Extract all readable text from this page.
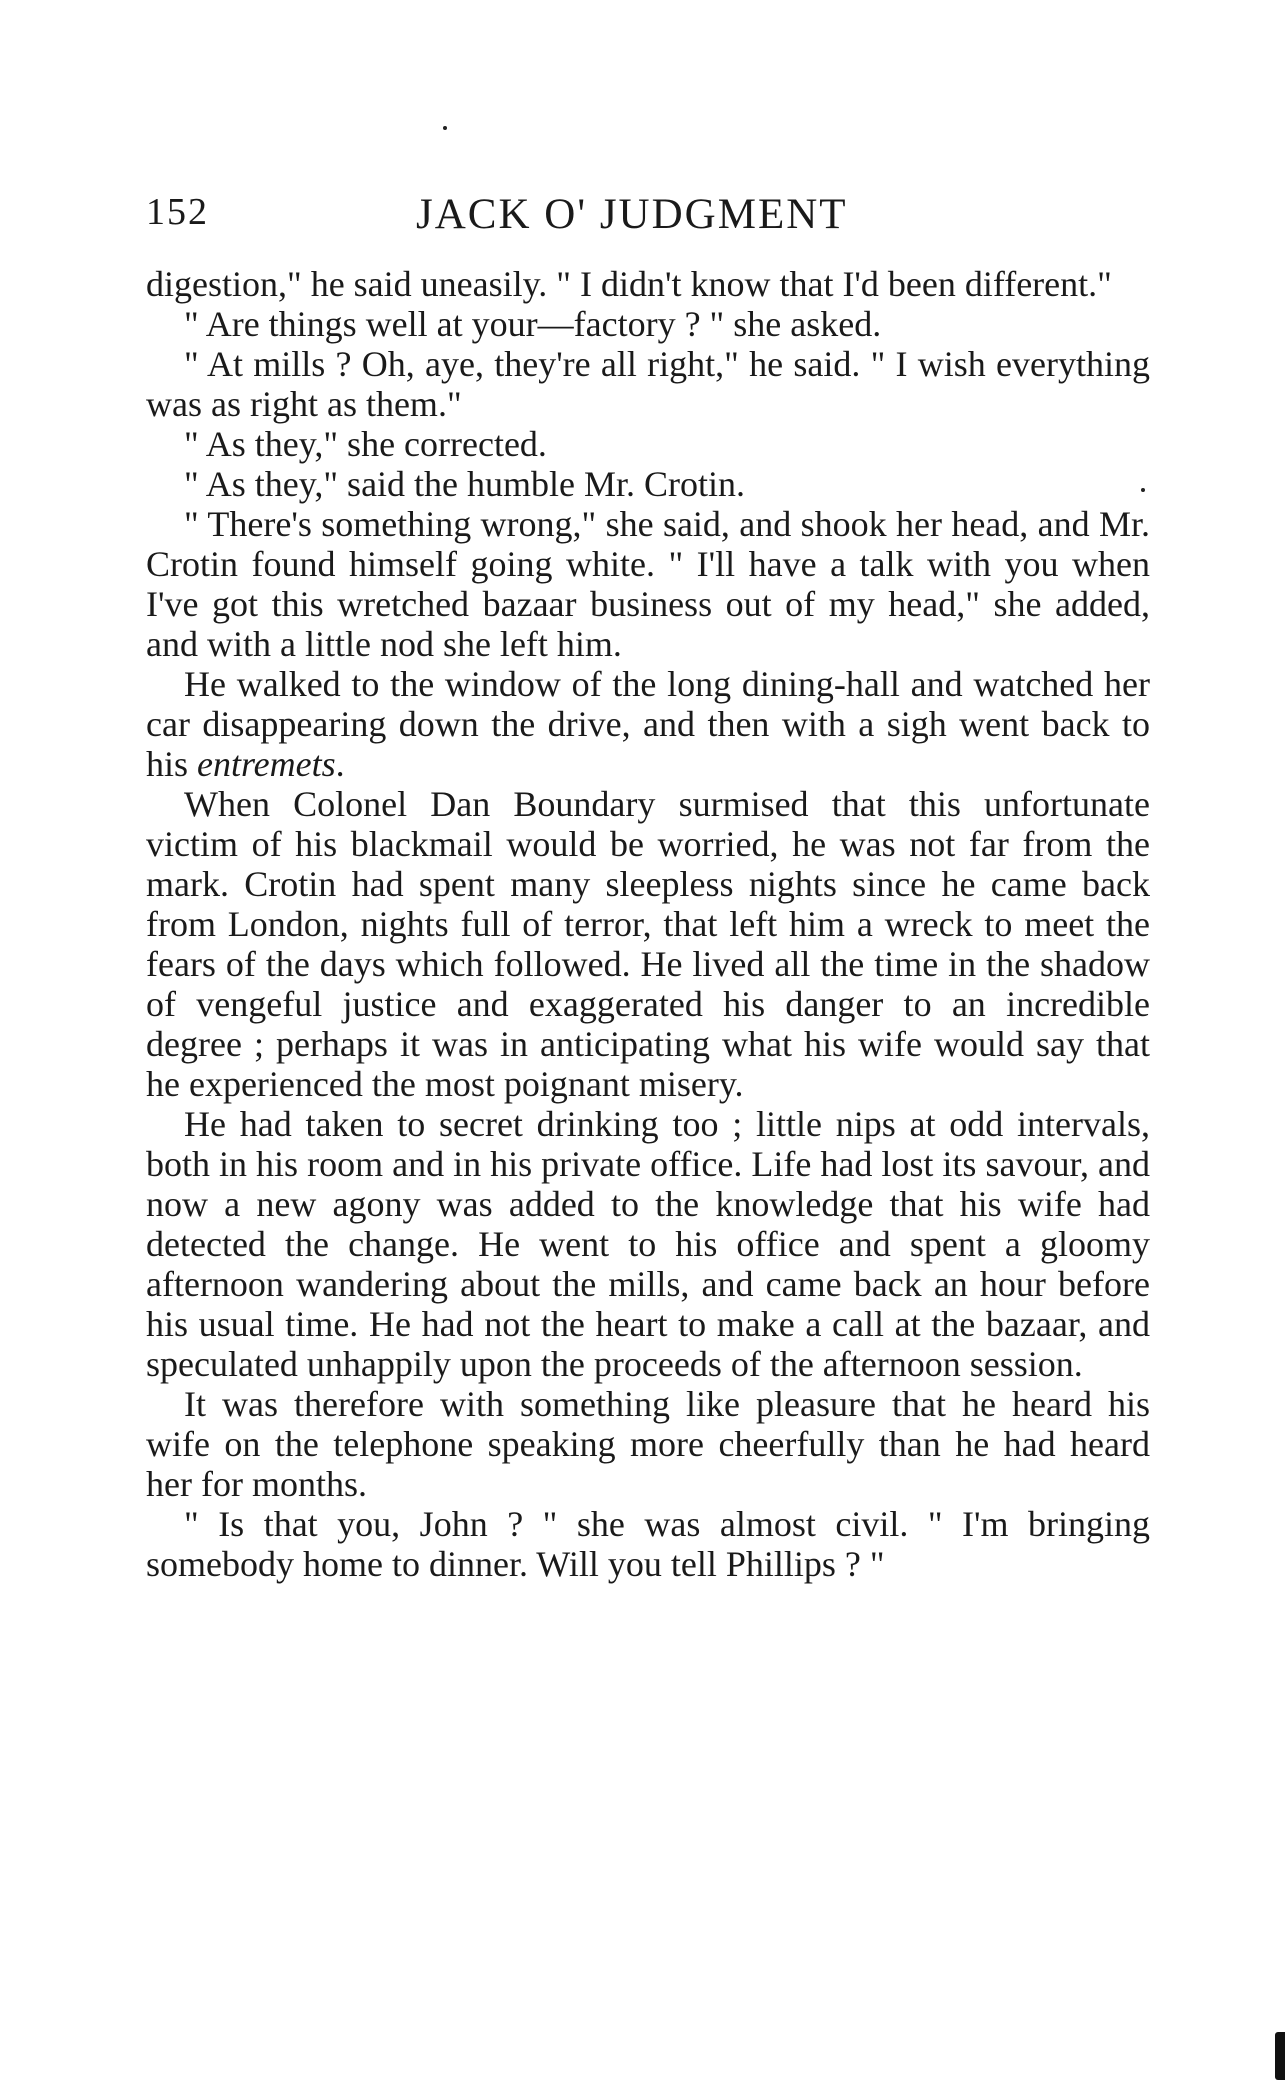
152	JACK O' JUDGMENT

digestion," he said uneasily. " I didn't know that I'd been different."

" Are things well at your—factory ? " she asked.

" At mills ? Oh, aye, they're all right," he said. " I wish everything was as right as them."

" As they," she corrected.

" As they," said the humble Mr. Crotin.

" There's something wrong," she said, and shook her head, and Mr. Crotin found himself going white. " I'll have a talk with you when I've got this wretched bazaar business out of my head," she added, and with a little nod she left him.

He walked to the window of the long dining-hall and watched her car disappearing down the drive, and then with a sigh went back to his entremets.

When Colonel Dan Boundary surmised that this unfortunate victim of his blackmail would be worried, he was not far from the mark. Crotin had spent many sleepless nights since he came back from London, nights full of terror, that left him a wreck to meet the fears of the days which followed. He lived all the time in the shadow of vengeful justice and exaggerated his danger to an incredible degree ; perhaps it was in anticipating what his wife would say that he experienced the most poignant misery.

He had taken to secret drinking too ; little nips at odd intervals, both in his room and in his private office. Life had lost its savour, and now a new agony was added to the knowledge that his wife had detected the change. He went to his office and spent a gloomy afternoon wandering about the mills, and came back an hour before his usual time. He had not the heart to make a call at the bazaar, and speculated unhappily upon the proceeds of the afternoon session.

It was therefore with something like pleasure that he heard his wife on the telephone speaking more cheerfully than he had heard her for months.

" Is that you, John ? " she was almost civil. " I'm bringing somebody home to dinner. Will you tell Phillips ? "
